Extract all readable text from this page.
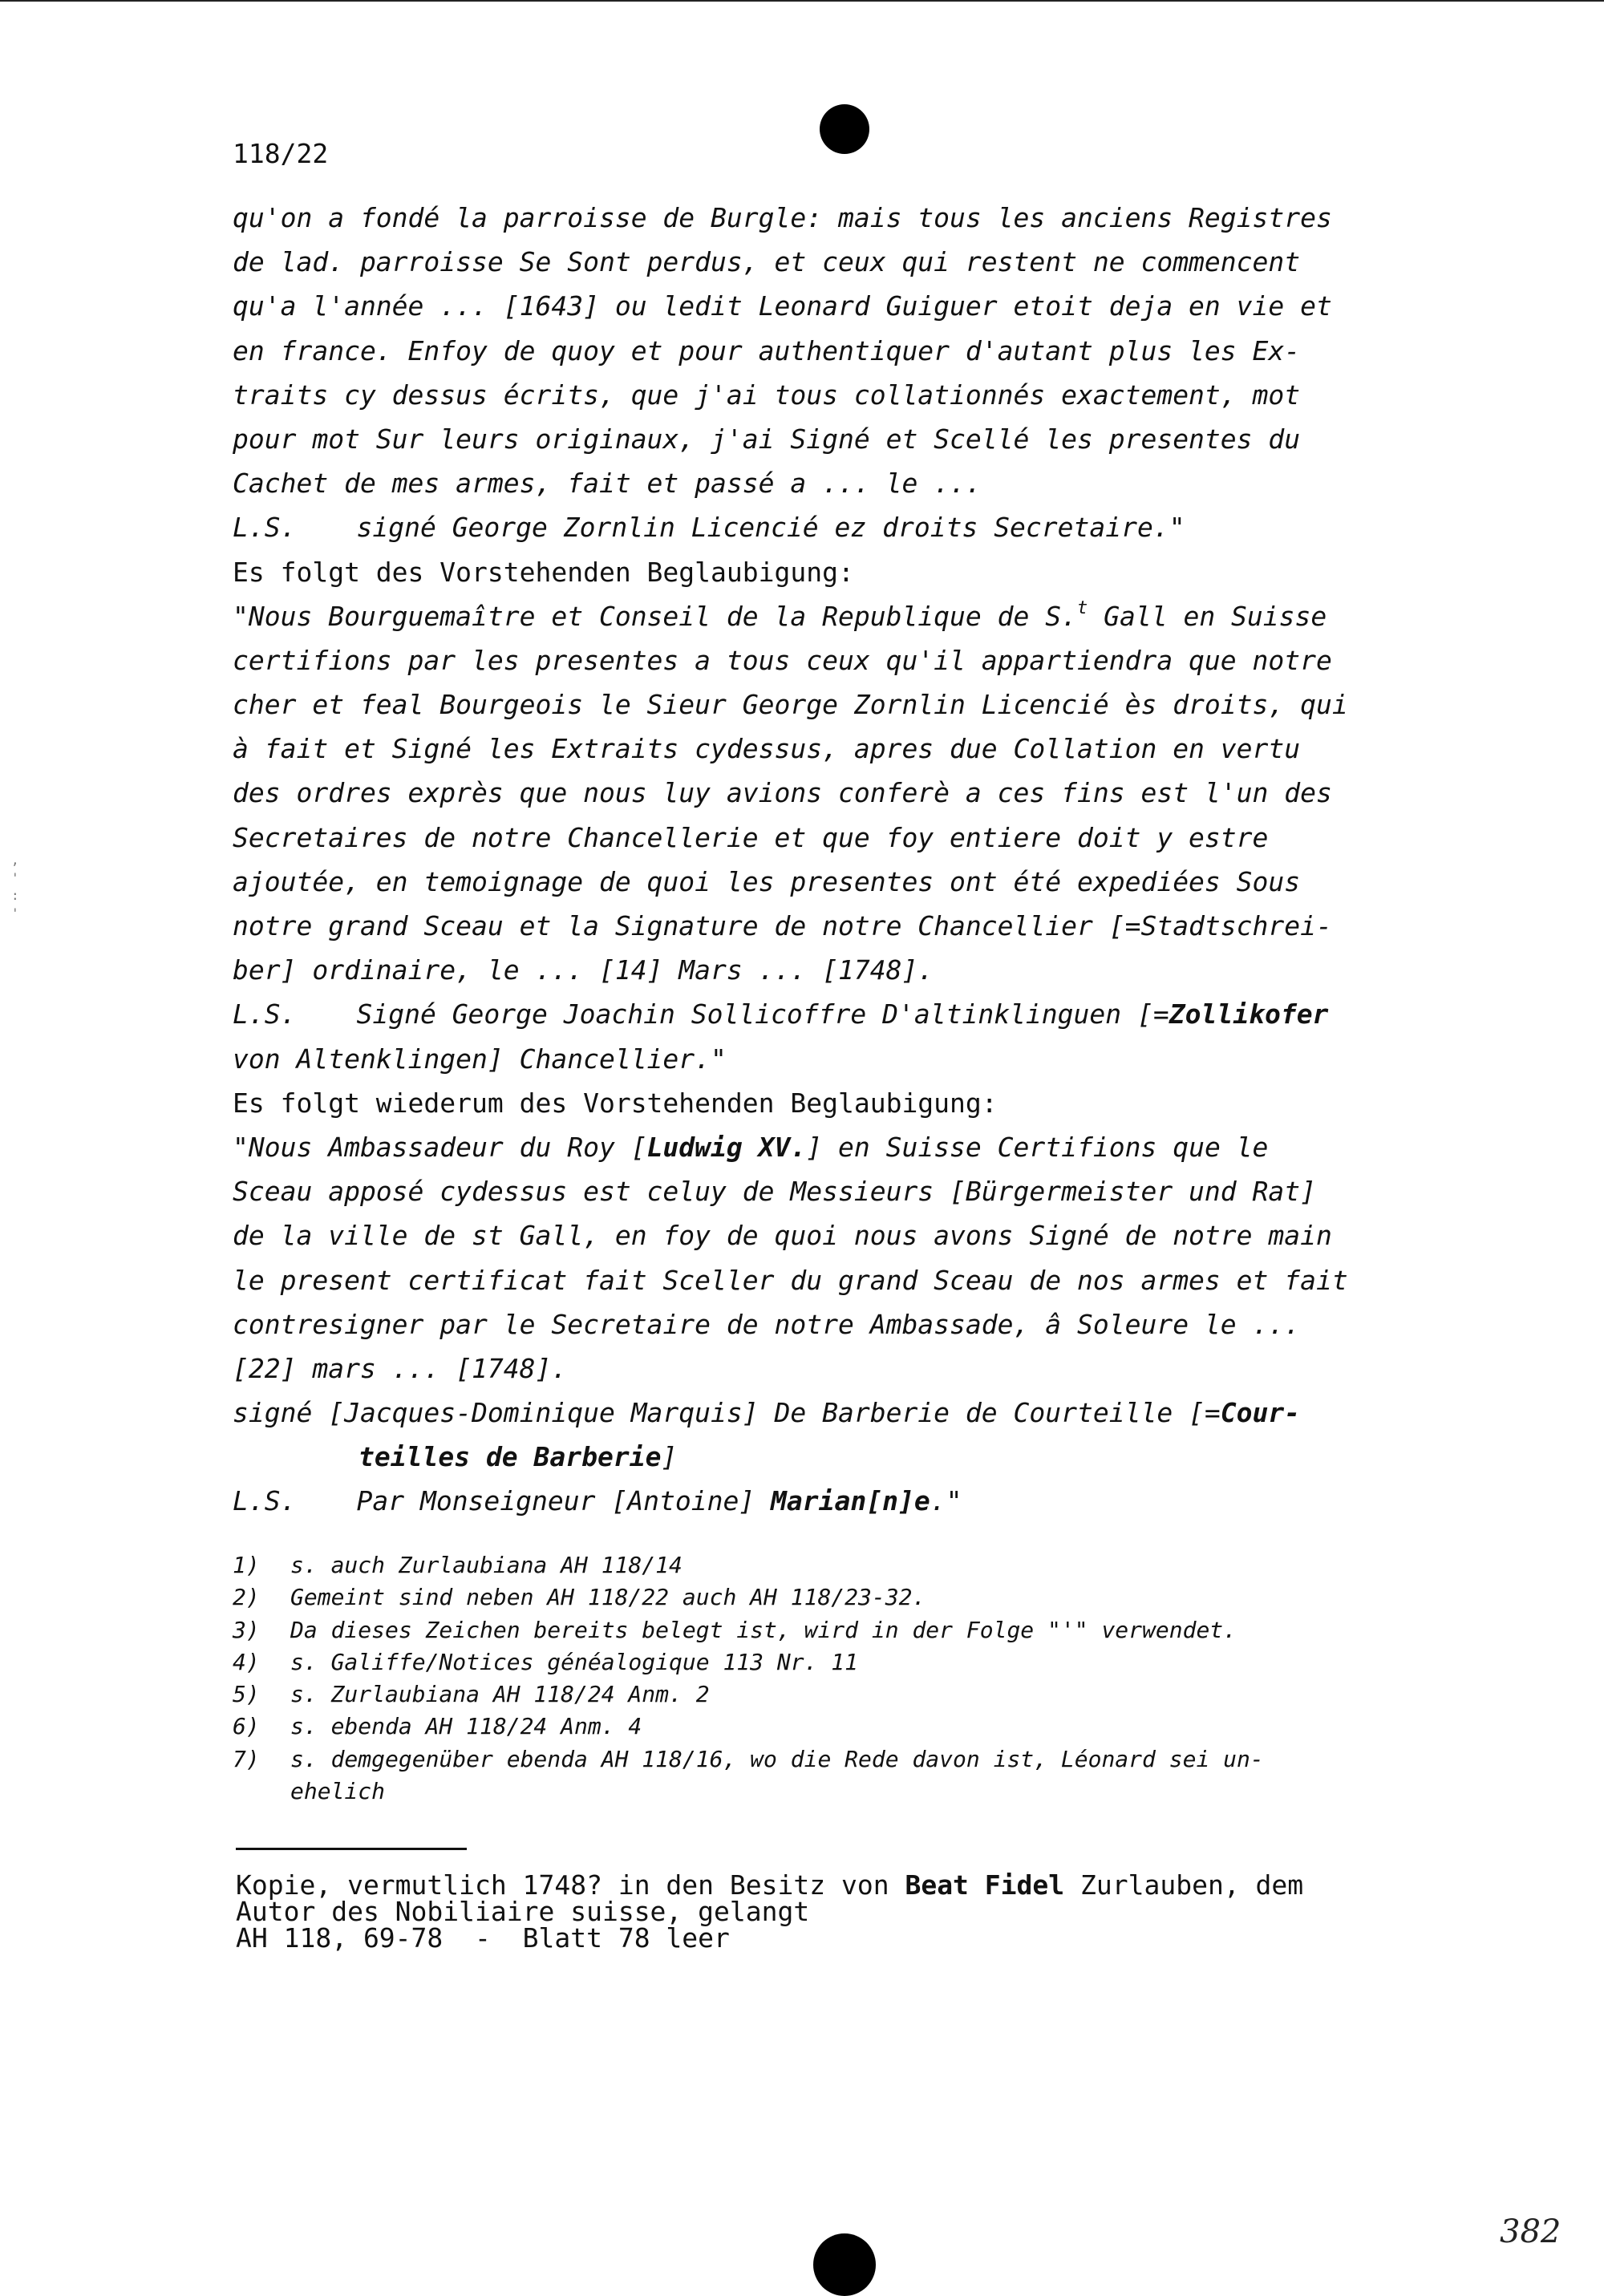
,
'
:
'
118/22
qu'on a fondé la parroisse de Burgle: mais tous les anciens Registres
de lad. parroisse Se Sont perdus, et ceux qui restent ne commencent
qu'a l'année ... [1643] ou ledit Leonard Guiguer etoit deja en vie et
en france. Enfoy de quoy et pour authentiquer d'autant plus les Ex-
traits cy dessus écrits, que j'ai tous collationnés exactement, mot
pour mot Sur leurs originaux, j'ai Signé et Scellé les presentes du
Cachet de mes armes, fait et passé a ... le ...
L.S. signé George Zornlin Licencié ez droits Secretaire."
Es folgt des Vorstehenden Beglaubigung:
"Nous Bourguemaître et Conseil de la Republique de S.$^t$ Gall en Suisse
certifions par les presentes a tous ceux qu'il appartiendra que notre
cher et feal Bourgeois le Sieur George Zornlin Licencié ès droits, qui
à fait et Signé les Extraits cydessus, apres due Collation en vertu
des ordres exprès que nous luy avions conferè a ces fins est l'un des
Secretaires de notre Chancellerie et que foy entiere doit y estre
ajoutée, en temoignage de quoi les presentes ont été expediées Sous
notre grand Sceau et la Signature de notre Chancellier [=Stadtschrei-
ber] ordinaire, le ... [14] Mars ... [1748].
L.S. Signé George Joachin Sollicoffre D'altinklinguen [=Zollikofer
von Altenklingen] Chancellier."
Es folgt wiederum des Vorstehenden Beglaubigung:
"Nous Ambassadeur du Roy [Ludwig XV.] en Suisse Certifions que le
Sceau apposé cydessus est celuy de Messieurs [Bürgermeister und Rat]
de la ville de st Gall, en foy de quoi nous avons Signé de notre main
le present certificat fait Sceller du grand Sceau de nos armes et fait
contresigner par le Secretaire de notre Ambassade, â Soleure le ...
[22] mars ... [1748].
signé [Jacques-Dominique Marquis] De Barberie de Courteille [=Cour-
teilles de Barberie]
L.S. Par Monseigneur [Antoine] Marian[n]e."
1) s. auch Zurlaubiana AH 118/14
2) Gemeint sind neben AH 118/22 auch AH 118/23-32.
3) Da dieses Zeichen bereits belegt ist, wird in der Folge "'" verwendet.
4) s. Galiffe/Notices généalogique 113 Nr. 11
5) s. Zurlaubiana AH 118/24 Anm. 2
6) s. ebenda AH 118/24 Anm. 4
7) s. demgegenüber ebenda AH 118/16, wo die Rede davon ist, Léonard sei un-
ehelich
Kopie, vermutlich 1748? in den Besitz von Beat Fidel Zurlauben, dem
Autor des Nobiliaire suisse, gelangt
AH 118, 69-78  -  Blatt 78 leer
382
